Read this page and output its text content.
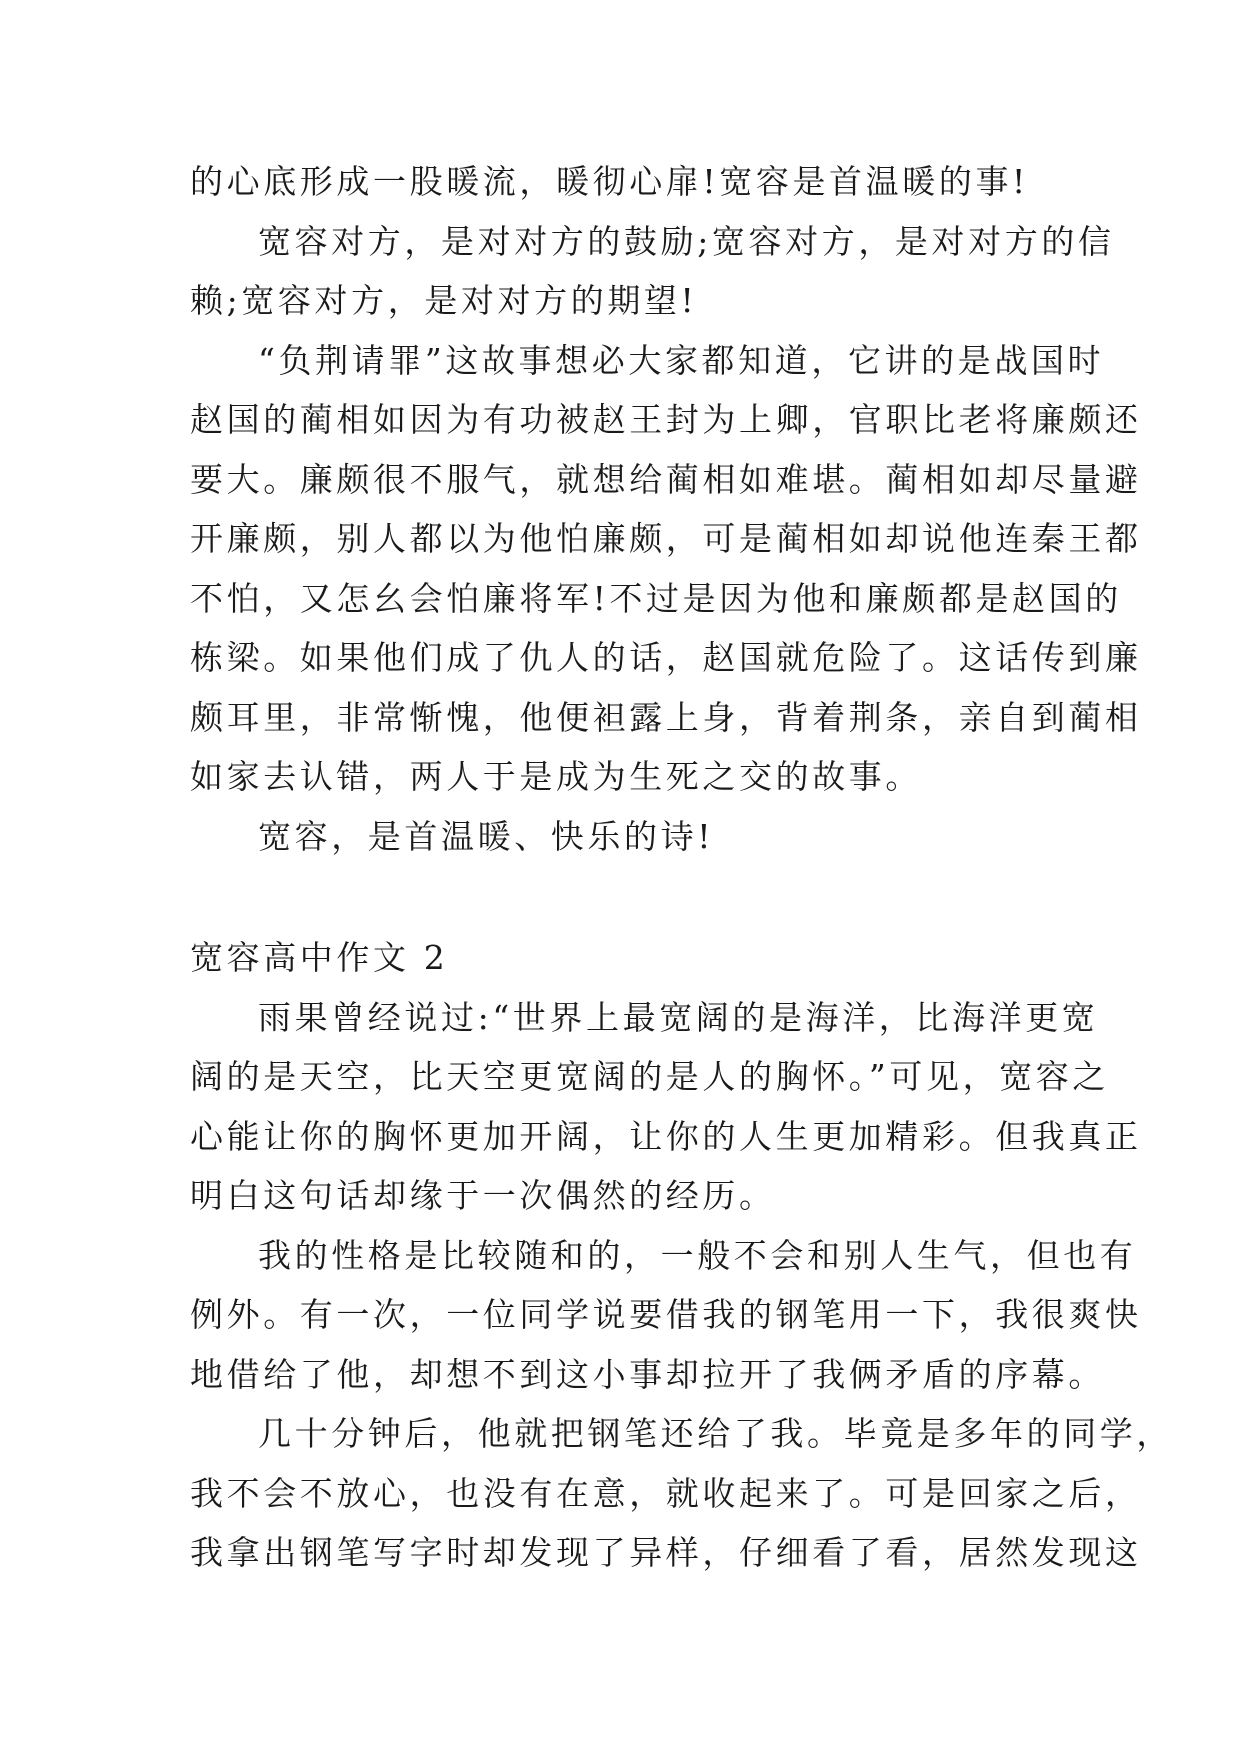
的心底形成一股暖流，暖彻心扉!宽容是首温暖的事!
宽容对方，是对对方的鼓励;宽容对方，是对对方的信
赖;宽容对方，是对对方的期望!
“负荆请罪”这故事想必大家都知道，它讲的是战国时
赵国的蔺相如因为有功被赵王封为上卿，官职比老将廉颇还
要大。廉颇很不服气，就想给蔺相如难堪。蔺相如却尽量避
开廉颇，别人都以为他怕廉颇，可是蔺相如却说他连秦王都
不怕，又怎幺会怕廉将军!不过是因为他和廉颇都是赵国的
栋梁。如果他们成了仇人的话，赵国就危险了。这话传到廉
颇耳里，非常惭愧，他便袒露上身，背着荆条，亲自到蔺相
如家去认错，两人于是成为生死之交的故事。
宽容，是首温暖、快乐的诗!
宽容高中作文 2
雨果曾经说过:“世界上最宽阔的是海洋，比海洋更宽
阔的是天空，比天空更宽阔的是人的胸怀。”可见，宽容之
心能让你的胸怀更加开阔，让你的人生更加精彩。但我真正
明白这句话却缘于一次偶然的经历。
我的性格是比较随和的，一般不会和别人生气，但也有
例外。有一次，一位同学说要借我的钢笔用一下，我很爽快
地借给了他，却想不到这小事却拉开了我俩矛盾的序幕。
几十分钟后，他就把钢笔还给了我。毕竟是多年的同学，
我不会不放心，也没有在意，就收起来了。可是回家之后，
我拿出钢笔写字时却发现了异样，仔细看了看，居然发现这
